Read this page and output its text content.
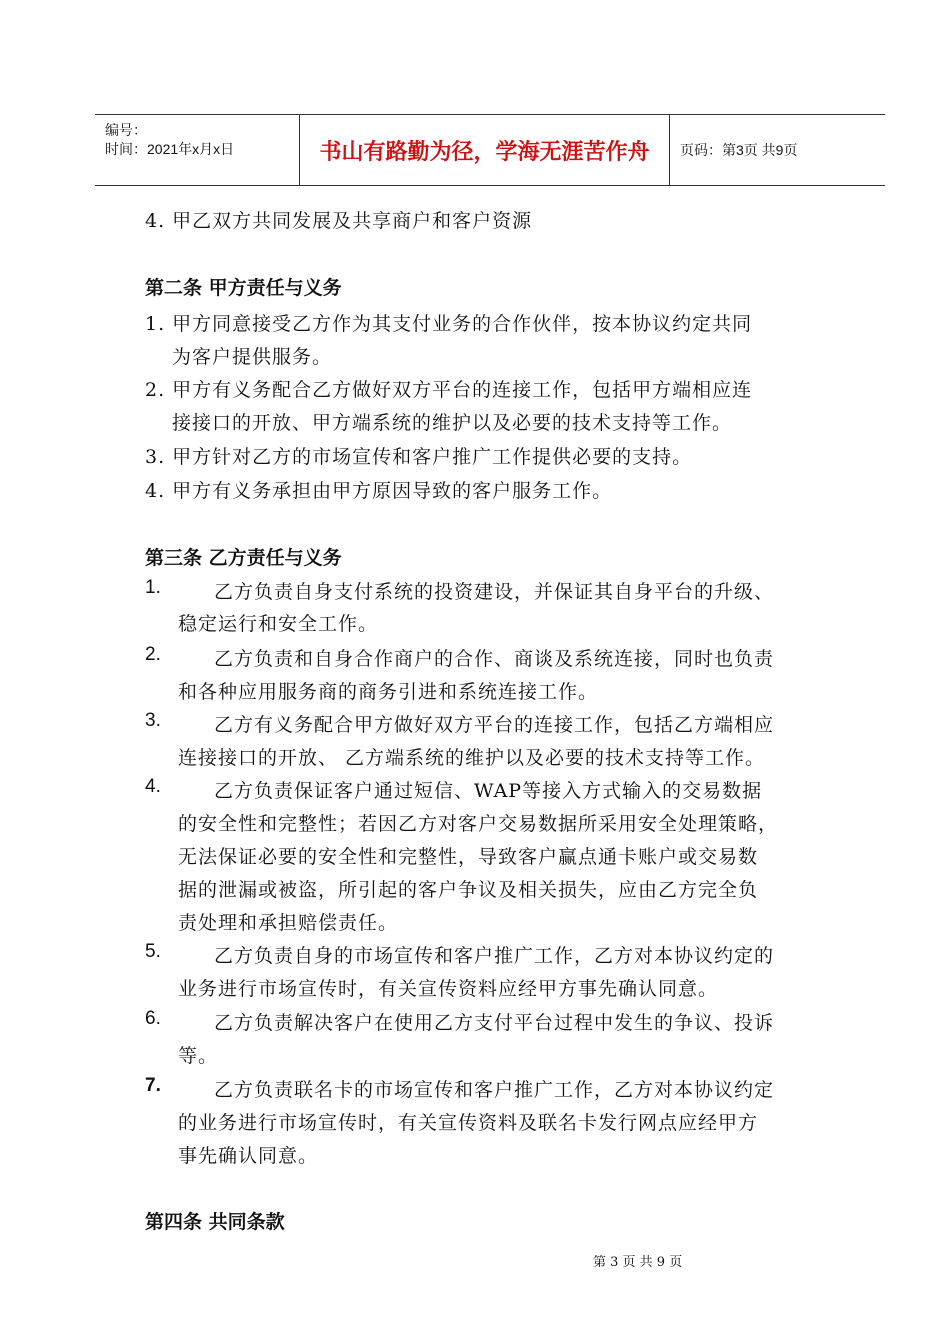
编号：
时间：2021年x月x日	书山有路勤为径，学海无涯苦作舟	页码：第3页 共9页
4. 甲乙双方共同发展及共享商户和客户资源
第二条 甲方责任与义务
1. 甲方同意接受乙方作为其支付业务的合作伙伴，按本协议约定共同
为客户提供服务。
2. 甲方有义务配合乙方做好双方平台的连接工作，包括甲方端相应连
接接口的开放、甲方端系统的维护以及必要的技术支持等工作。
3. 甲方针对乙方的市场宣传和客户推广工作提供必要的支持。
4. 甲方有义务承担由甲方原因导致的客户服务工作。
第三条 乙方责任与义务
1.	乙方负责自身支付系统的投资建设，并保证其自身平台的升级、
稳定运行和安全工作。
2.	乙方负责和自身合作商户的合作、商谈及系统连接，同时也负责
和各种应用服务商的商务引进和系统连接工作。
3.	乙方有义务配合甲方做好双方平台的连接工作，包括乙方端相应
连接接口的开放、 乙方端系统的维护以及必要的技术支持等工作。
4.	乙方负责保证客户通过短信、WAP等接入方式输入的交易数据
的安全性和完整性；若因乙方对客户交易数据所采用安全处理策略，
无法保证必要的安全性和完整性，导致客户赢点通卡账户或交易数
据的泄漏或被盗，所引起的客户争议及相关损失，应由乙方完全负
责处理和承担赔偿责任。
5.	乙方负责自身的市场宣传和客户推广工作，乙方对本协议约定的
业务进行市场宣传时，有关宣传资料应经甲方事先确认同意。
6.	乙方负责解决客户在使用乙方支付平台过程中发生的争议、投诉
等。
7.	乙方负责联名卡的市场宣传和客户推广工作，乙方对本协议约定
的业务进行市场宣传时，有关宣传资料及联名卡发行网点应经甲方
事先确认同意。
第四条 共同条款
第 3 页 共 9 页
